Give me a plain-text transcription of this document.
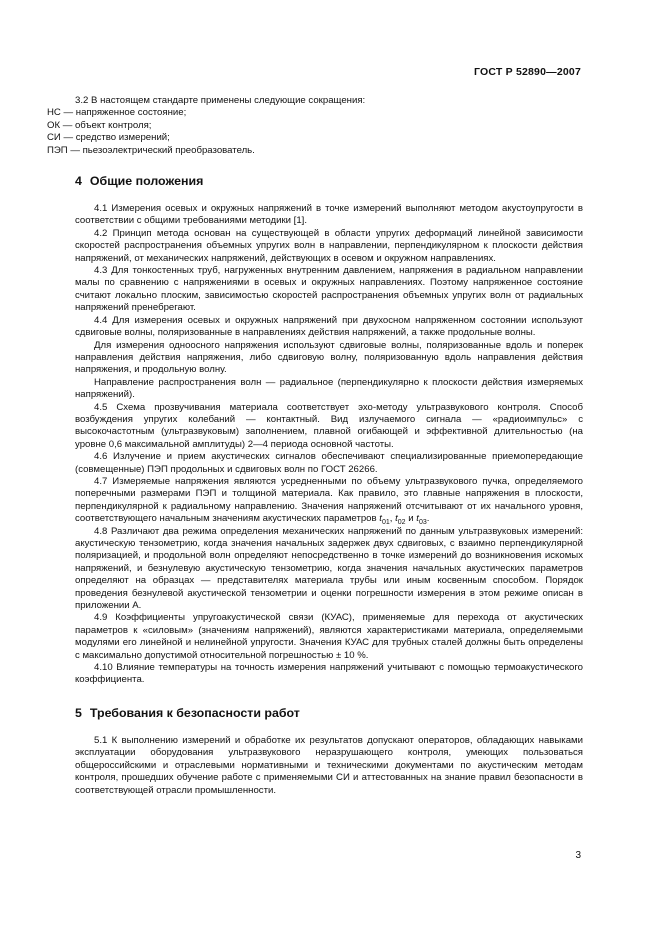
ГОСТ Р 52890—2007

3.2 В настоящем стандарте применены следующие сокращения:

НС — напряженное состояние;

ОК — объект контроля;

СИ — средство измерений;

ПЭП — пьезоэлектрический преобразователь.

4 Общие положения

4.1 Измерения осевых и окружных напряжений в точке измерений выполняют методом акустоупругости в соответствии с общими требованиями методики [1].

4.2 Принцип метода основан на существующей в области упругих деформаций линейной зависимости скоростей распространения объемных упругих волн в направлении, перпендикулярном к плоскости действия напряжений, от механических напряжений, действующих в осевом и окружном направлениях.

4.3 Для тонкостенных труб, нагруженных внутренним давлением, напряжения в радиальном направлении малы по сравнению с напряжениями в осевых и окружных направлениях. Поэтому напряженное состояние считают локально плоским, зависимостью скоростей распространения объемных упругих волн от радиальных напряжений пренебрегают.

4.4 Для измерения осевых и окружных напряжений при двухосном напряженном состоянии используют сдвиговые волны, поляризованные в направлениях действия напряжений, а также продольные волны.

Для измерения одноосного напряжения используют сдвиговые волны, поляризованные вдоль и поперек направления действия напряжения, либо сдвиговую волну, поляризованную вдоль направления действия напряжения, и продольную волну.

Направление распространения волн — радиальное (перпендикулярно к плоскости действия измеряемых напряжений).

4.5 Схема прозвучивания материала соответствует эхо-методу ультразвукового контроля. Способ возбуждения упругих колебаний — контактный. Вид излучаемого сигнала — «радиоимпульс» с высокочастотным (ультразвуковым) заполнением, плавной огибающей и эффективной длительностью (на уровне 0,6 максимальной амплитуды) 2—4 периода основной частоты.

4.6 Излучение и прием акустических сигналов обеспечивают специализированные приемопередающие (совмещенные) ПЭП продольных и сдвиговых волн по ГОСТ 26266.

4.7 Измеряемые напряжения являются усредненными по объему ультразвукового пучка, определяемого поперечными размерами ПЭП и толщиной материала. Как правило, это главные напряжения в плоскости, перпендикулярной к радиальному направлению. Значения напряжений отсчитывают от их начального уровня, соответствующего начальным значениям акустических параметров $t_{01}$, $t_{02}$ и $t_{03}$.

4.8 Различают два режима определения механических напряжений по данным ультразвуковых измерений: акустическую тензометрию, когда значения начальных задержек двух сдвиговых, с взаимно перпендикулярной поляризацией, и продольной волн определяют непосредственно в точке измерений до возникновения искомых напряжений, и безнулевую акустическую тензометрию, когда значения начальных акустических параметров определяют на образцах — представителях материала трубы или иным косвенным способом. Порядок проведения безнулевой акустической тензометрии и оценки погрешности измерения в этом режиме описан в приложении А.

4.9 Коэффициенты упругоакустической связи (КУАС), применяемые для перехода от акустических параметров к «силовым» (значениям напряжений), являются характеристиками материала, определяемыми модулями его линейной и нелинейной упругости. Значения КУАС для трубных сталей должны быть определены с максимально допустимой относительной погрешностью ± 10 %.

4.10 Влияние температуры на точность измерения напряжений учитывают с помощью термоакустического коэффициента.

5 Требования к безопасности работ

5.1 К выполнению измерений и обработке их результатов допускают операторов, обладающих навыками эксплуатации оборудования ультразвукового неразрушающего контроля, умеющих пользоваться общероссийскими и отраслевыми нормативными и техническими документами по акустическим методам контроля, прошедших обучение работе с применяемыми СИ и аттестованных на знание правил безопасности в соответствующей отрасли промышленности.

3
